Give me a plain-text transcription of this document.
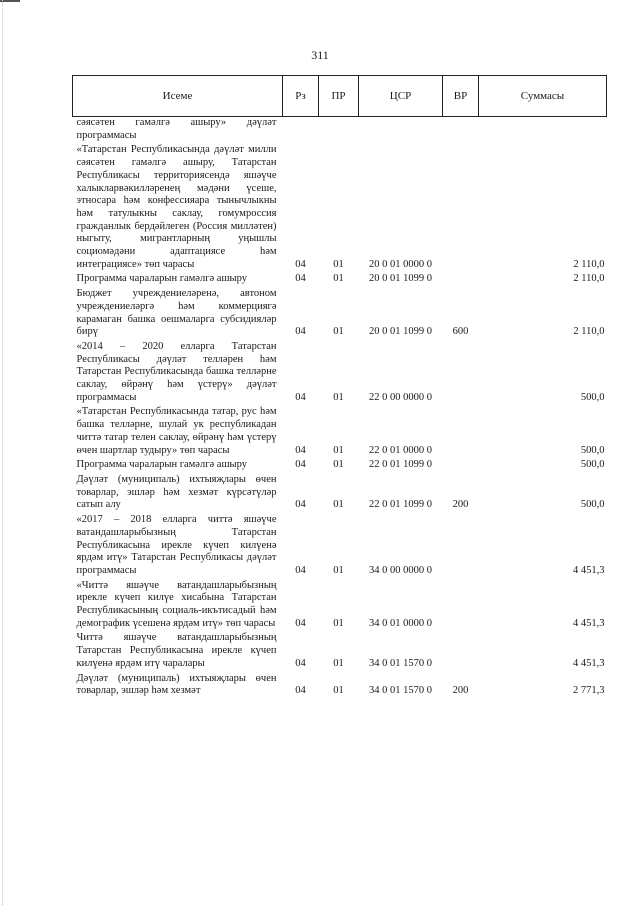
311
Исеме	Рз	ПР	ЦСР	ВР	Суммасы
сәясәтен гамәлгә ашыру» дәүләт программасы					
«Татарстан Республикасында дәүләт милли сәясәтен гамәлгә ашыру, Татарстан Республикасы территориясендә яшәүче халыкларвәкилләренең мәдәни үсеше, этносара һәм конфессияара тынычлыкны һәм татулыкны саклау, гомумроссия гражданлык бердәйлеген (Россия милләтен) ныгыту, мигрантларның уңышлы социомәдәни адаптациясе һәм интеграциясе» төп чарасы	04	01	20 0 01 0000 0		2 110,0
Программа чараларын гамәлгә ашыру	04	01	20 0 01 1099 0		2 110,0
Бюджет учреждениеләренә, автоном учреждениеләргә һәм коммерциягә карамаган башка оешмаларга субсидияләр бирү	04	01	20 0 01 1099 0	600	2 110,0
«2014 – 2020 елларга Татарстан Республикасы дәүләт телләрен һәм Татарстан Республикасында башка телләрне саклау, өйрәнү һәм үстерү» дәүләт программасы	04	01	22 0 00 0000 0		500,0
«Татарстан Республикасында татар, рус һәм башка телләрне, шулай ук республикадан читтә татар телен саклау, өйрәнү һәм үстерү өчен шартлар тудыру» төп чарасы	04	01	22 0 01 0000 0		500,0
Программа чараларын гамәлгә ашыру	04	01	22 0 01 1099 0		500,0
Дәүләт (муниципаль) ихтыяҗлары өчен товарлар, эшләр һәм хезмәт күрсәтүләр сатып алу	04	01	22 0 01 1099 0	200	500,0
«2017 – 2018 елларга читтә яшәүче ватандашларыбызның Татарстан Республикасына ирекле күчеп килүенә ярдәм итү» Татарстан Республикасы дәүләт программасы	04	01	34 0 00 0000 0		4 451,3
«Читтә яшәүче ватандашларыбызның ирекле күчеп килүе хисабына Татарстан Республикасының социаль-икътисадый һәм демографик үсешенә ярдәм итү» төп чарасы	04	01	34 0 01 0000 0		4 451,3
Читтә яшәүче ватандашларыбызның Татарстан Республикасына ирекле күчеп килүенә ярдәм итү чаралары	04	01	34 0 01 1570 0		4 451,3
Дәүләт (муниципаль) ихтыяҗлары өчен товарлар, эшләр һәм хезмәт	04	01	34 0 01 1570 0	200	2 771,3
